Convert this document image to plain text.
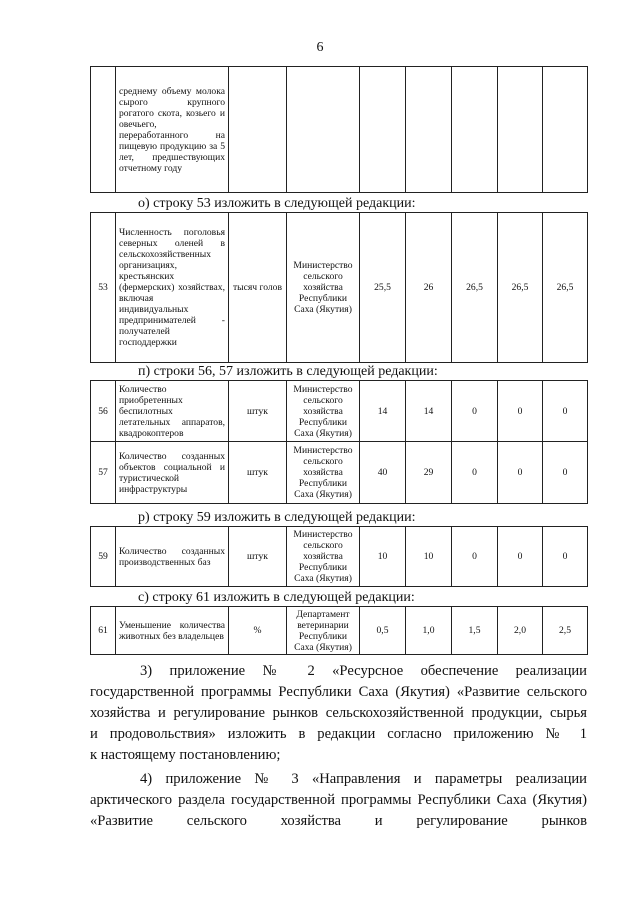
6
	среднему объему молока сырого крупного рогатого скота, козьего и овечьего, переработанного на пищевую продукцию за 5 лет, предшествующих отчетному году							
о) строку 53 изложить в следующей редакции:
53	Численность поголовья северных оленей в сельскохозяйственных организациях, крестьянских (фермерских) хозяйствах, включая индивидуальных предпринимателей - получателей господдержки	тысяч голов	Министерство сельского хозяйства Республики Саха (Якутия)	25,5	26	26,5	26,5	26,5
п) строки 56, 57 изложить в следующей редакции:
56	Количество приобретенных беспилотных летательных аппаратов, квадрокоптеров	штук	Министерство сельского хозяйства Республики Саха (Якутия)	14	14	0	0	0
57	Количество созданных объектов социальной и туристической инфраструктуры	штук	Министерство сельского хозяйства Республики Саха (Якутия)	40	29	0	0	0
р) строку 59 изложить в следующей редакции:
59	Количество созданных производственных баз	штук	Министерство сельского хозяйства Республики Саха (Якутия)	10	10	0	0	0
с) строку 61 изложить в следующей редакции:
61	Уменьшение количества животных без владельцев	%	Департамент ветеринарии Республики Саха (Якутия)	0,5	1,0	1,5	2,0	2,5
3) приложение № 2 «Ресурсное обеспечение реализации
государственной программы Республики Саха (Якутия) «Развитие сельского
хозяйства и регулирование рынков сельскохозяйственной продукции, сырья
и продовольствия» изложить в редакции согласно приложению № 1
к настоящему постановлению;
4) приложение № 3 «Направления и параметры реализации
арктического раздела государственной программы Республики Саха (Якутия)
«Развитие сельского хозяйства и регулирование рынков
